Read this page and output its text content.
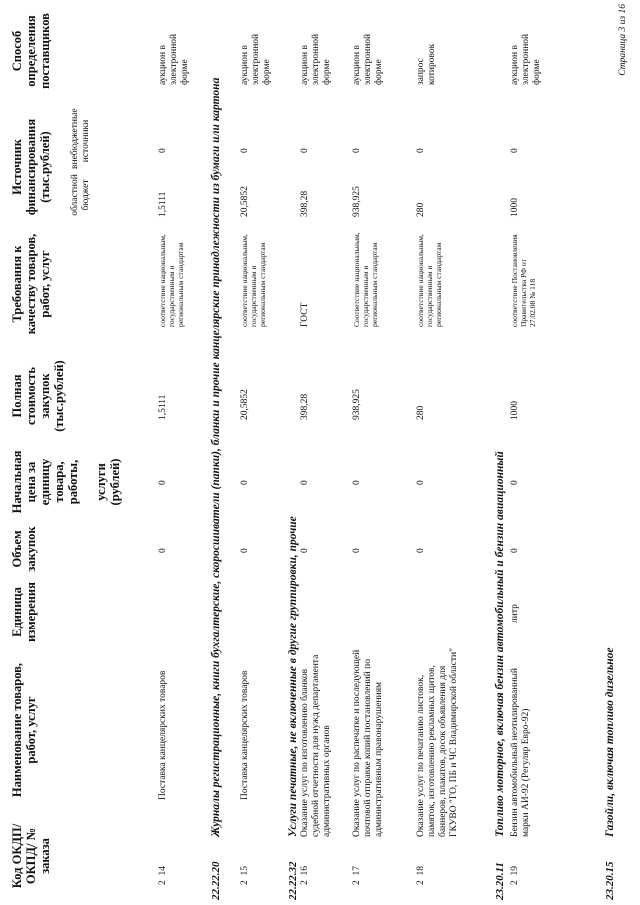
Код ОКДП/ ОКПД/ № заказа
Наименование товаров, работ, услуг
Единица измерения
Объем закупок
Начальная цена за единицу товара, работы, услуги (рублей)
Полная стоимость закупок (тыс.рублей)
Требования к качеству товаров, работ, услуг
Источник финансирования (тыс.рублей) областной бюджет
внебюджетные источники
Способ определения поставщиков
2  14
Поставка канцелярских товаров
0
0
1,5111
соответствие национальным, государственным и региональным стандартам
1,5111
0
аукцион в электронной форме
22.22.20
Журналы регистрационные, книги бухгалтерские, скоросшиватели (папки), бланки и прочие канцелярские принадлежности из бумаги или картона
2  15
Поставка канцелярских товаров
0
0
20,5852
соответствие национальным, государственным и региональным стандартам
20,5852
0
аукцион в электронной форме
22.22.32
Услуги печатные, не включенные в другие группировки, прочие
2  16
Оказание услуг по изготовлению бланков судебной отчетности для нужд департамента административных органов
0
0
398,28
ГОСТ
398,28
0
аукцион в электронной форме
2  17
Оказание услуг по распечатке и последующей почтовой отправке копий постановлений по административным правонарушениям
0
0
938,925
Соответствие национальным, государственным и региональным стандартам
938,925
0
аукцион в электронной форме
2  18
Оказание услуг по печатанию листовок, памяток, изготовлению рекламных щитов, баннеров, плакатов, досок объявления для ГКУВО "ГО, ПБ и ЧС Владимирской области"
0
0
280
соответствие национальным, государственным и региональным стандартам
280
0
запрос котировок
23.20.11
Топливо моторное, включая бензин автомобильный и бензин авиационный
2  19
Бензин автомобильный неэтилированный марки АИ-92 (Регуляр Евро-92)
литр
0
0
1000
соответствие Постановления Правительства РФ от 27.02.08 № 118
1000
0
аукцион в электронной форме
23.20.15
Газойли, включая топливо дизельное
Страница 3 из 16
